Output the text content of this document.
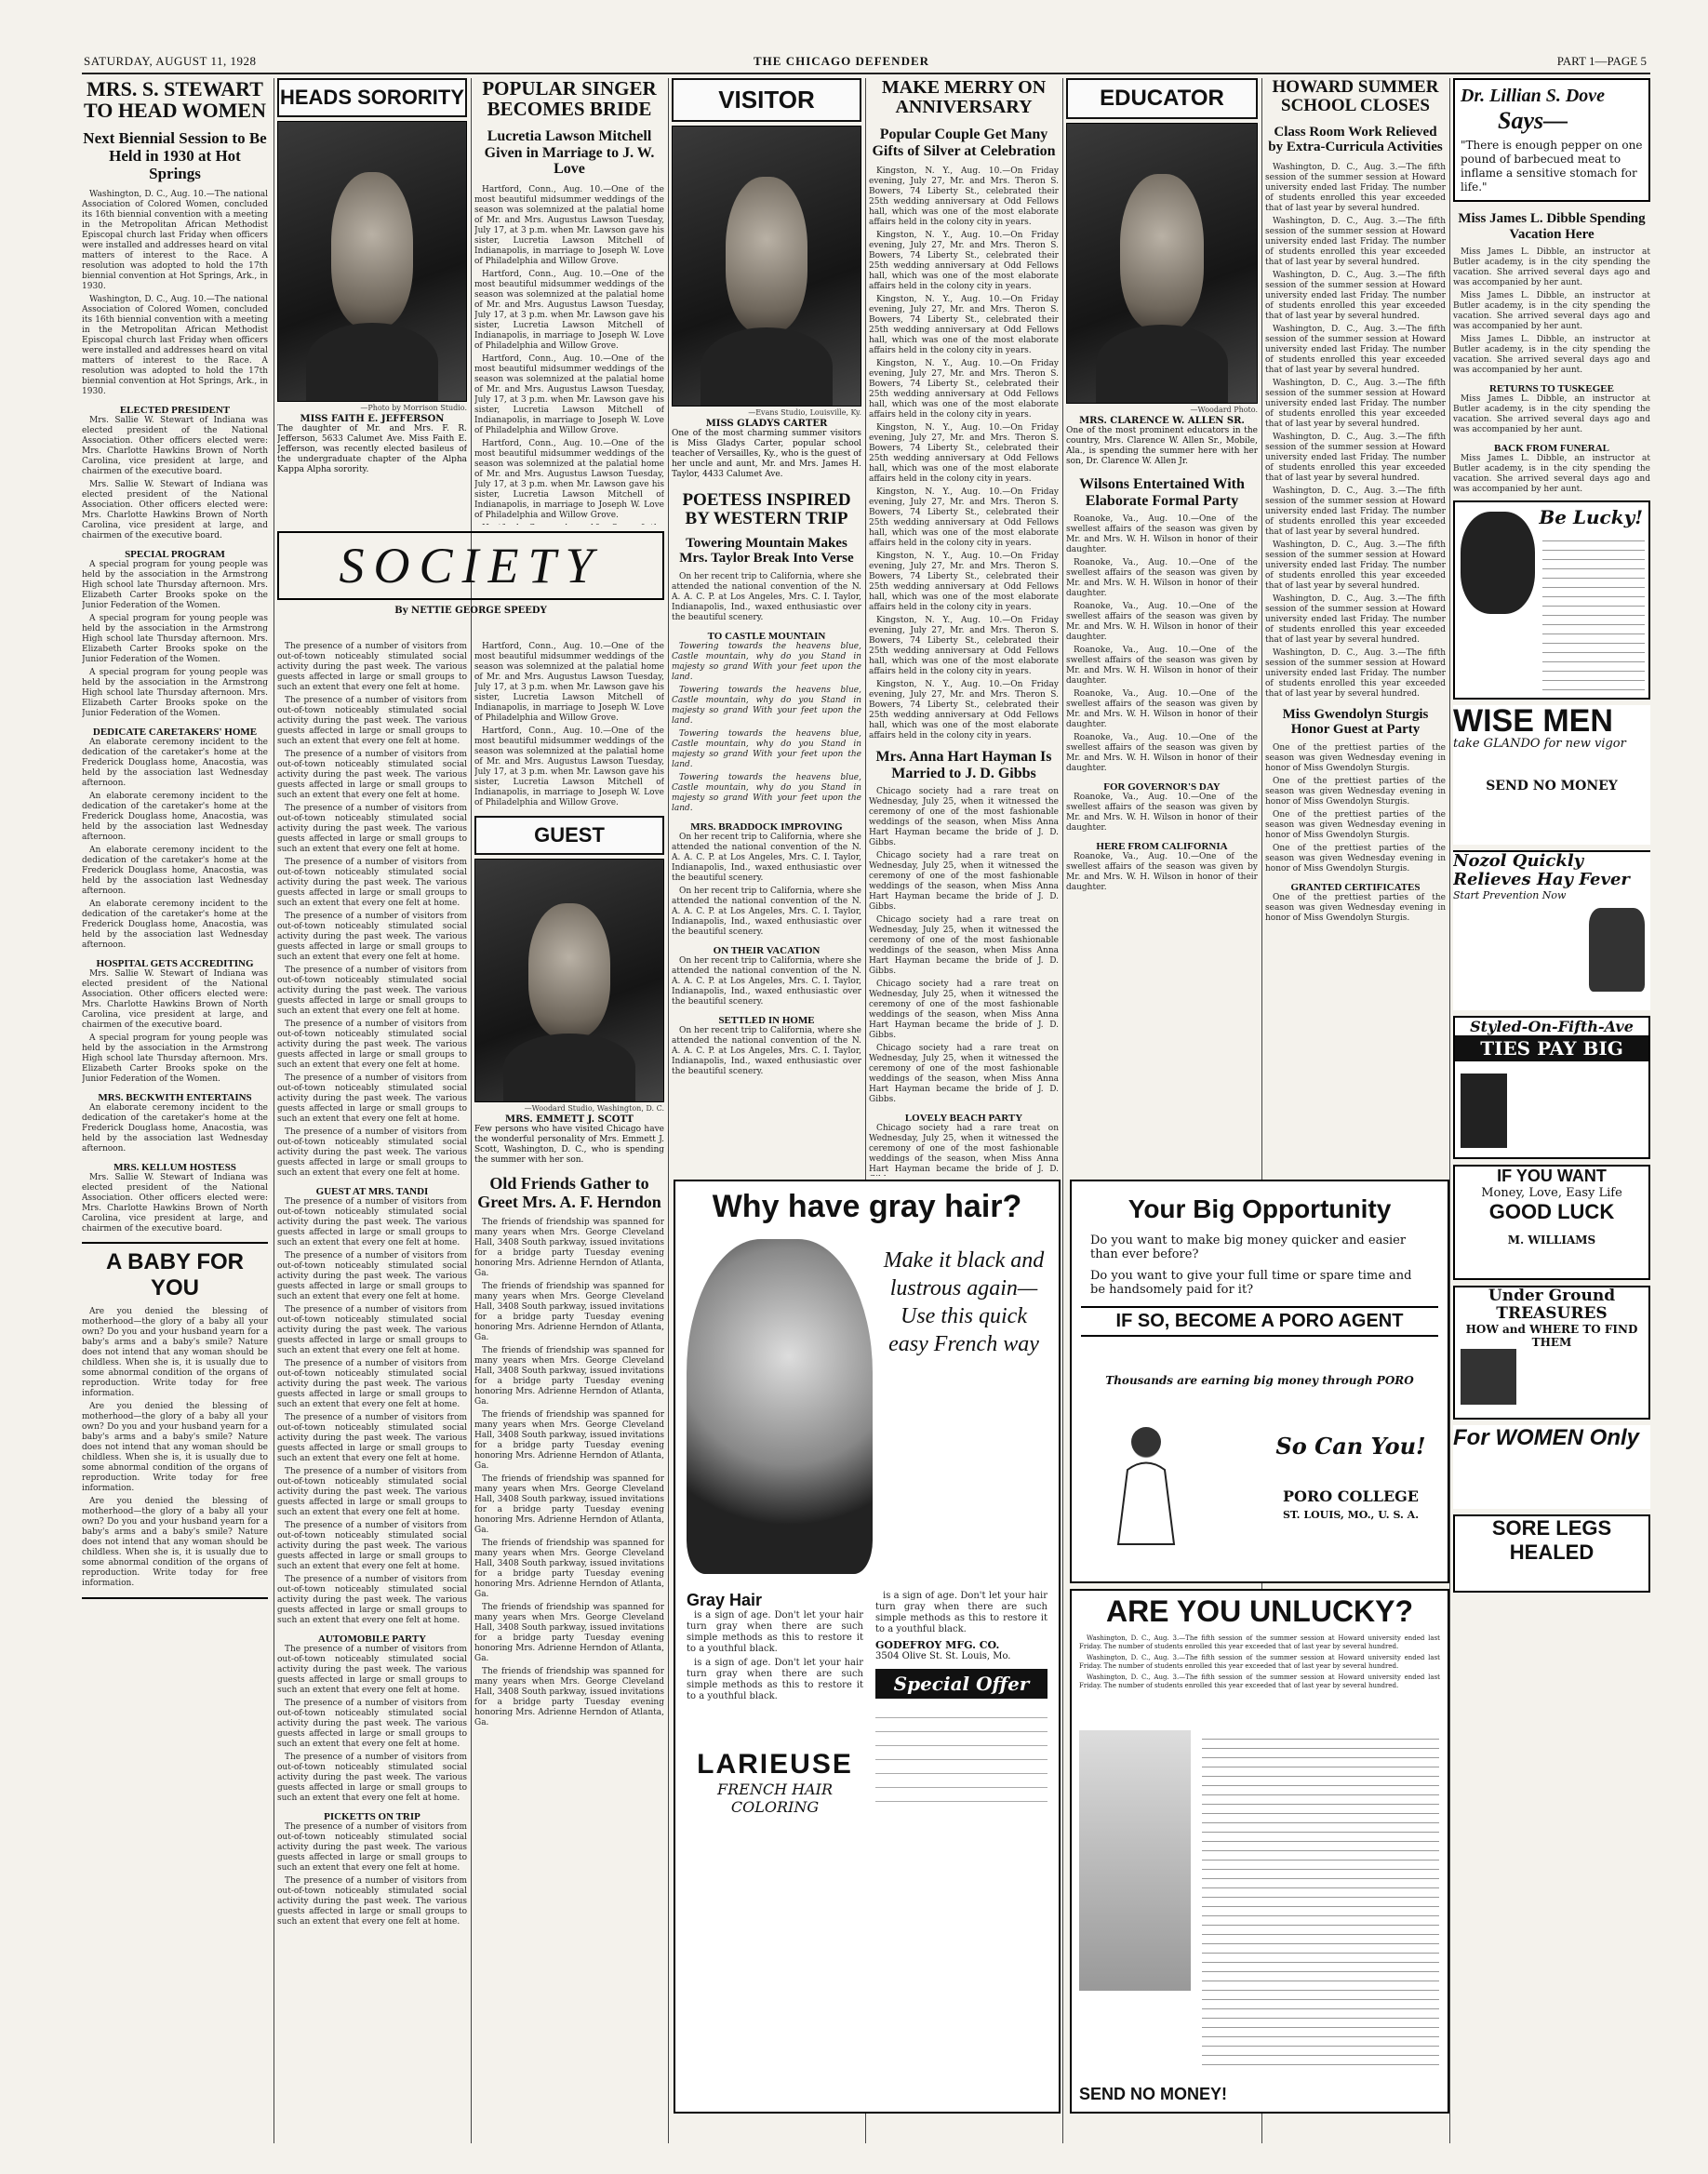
SATURDAY, AUGUST 11, 1928	THE CHICAGO DEFENDER	PART 1—PAGE 5
MRS. S. STEWART TO HEAD WOMEN
Next Biennial Session to Be Held in 1930 at Hot Springs

Washington, D. C., Aug. 10.—The national Association of Colored Women, concluded its 16th biennial convention with a meeting in the Metropolitan African Methodist Episcopal church last Friday when officers were installed and addresses heard on vital matters of interest to the Race. A resolution was adopted to hold the 17th biennial convention at Hot Springs, Ark., in 1930.

Washington, D. C., Aug. 10.—The national Association of Colored Women, concluded its 16th biennial convention with a meeting in the Metropolitan African Methodist Episcopal church last Friday when officers were installed and addresses heard on vital matters of interest to the Race. A resolution was adopted to hold the 17th biennial convention at Hot Springs, Ark., in 1930.

ELECTED PRESIDENT

Mrs. Sallie W. Stewart of Indiana was elected president of the National Association. Other officers elected were: Mrs. Charlotte Hawkins Brown of North Carolina, vice president at large, and chairmen of the executive board.

Mrs. Sallie W. Stewart of Indiana was elected president of the National Association. Other officers elected were: Mrs. Charlotte Hawkins Brown of North Carolina, vice president at large, and chairmen of the executive board.

SPECIAL PROGRAM

A special program for young people was held by the association in the Armstrong High school late Thursday afternoon. Mrs. Elizabeth Carter Brooks spoke on the Junior Federation of the Women.

A special program for young people was held by the association in the Armstrong High school late Thursday afternoon. Mrs. Elizabeth Carter Brooks spoke on the Junior Federation of the Women.

A special program for young people was held by the association in the Armstrong High school late Thursday afternoon. Mrs. Elizabeth Carter Brooks spoke on the Junior Federation of the Women.

DEDICATE CARETAKERS' HOME

An elaborate ceremony incident to the dedication of the caretaker's home at the Frederick Douglass home, Anacostia, was held by the association last Wednesday afternoon.

An elaborate ceremony incident to the dedication of the caretaker's home at the Frederick Douglass home, Anacostia, was held by the association last Wednesday afternoon.

An elaborate ceremony incident to the dedication of the caretaker's home at the Frederick Douglass home, Anacostia, was held by the association last Wednesday afternoon.

An elaborate ceremony incident to the dedication of the caretaker's home at the Frederick Douglass home, Anacostia, was held by the association last Wednesday afternoon.

HOSPITAL GETS ACCREDITING

Mrs. Sallie W. Stewart of Indiana was elected president of the National Association. Other officers elected were: Mrs. Charlotte Hawkins Brown of North Carolina, vice president at large, and chairmen of the executive board.

A special program for young people was held by the association in the Armstrong High school late Thursday afternoon. Mrs. Elizabeth Carter Brooks spoke on the Junior Federation of the Women.

MRS. BECKWITH ENTERTAINS

An elaborate ceremony incident to the dedication of the caretaker's home at the Frederick Douglass home, Anacostia, was held by the association last Wednesday afternoon.

MRS. KELLUM HOSTESS

Mrs. Sallie W. Stewart of Indiana was elected president of the National Association. Other officers elected were: Mrs. Charlotte Hawkins Brown of North Carolina, vice president at large, and chairmen of the executive board.

A BABY FOR YOU

Are you denied the blessing of motherhood—the glory of a baby all your own? Do you and your husband yearn for a baby's arms and a baby's smile? Nature does not intend that any woman should be childless. When she is, it is usually due to some abnormal condition of the organs of reproduction. Write today for free information.

Are you denied the blessing of motherhood—the glory of a baby all your own? Do you and your husband yearn for a baby's arms and a baby's smile? Nature does not intend that any woman should be childless. When she is, it is usually due to some abnormal condition of the organs of reproduction. Write today for free information.

Are you denied the blessing of motherhood—the glory of a baby all your own? Do you and your husband yearn for a baby's arms and a baby's smile? Nature does not intend that any woman should be childless. When she is, it is usually due to some abnormal condition of the organs of reproduction. Write today for free information.

HEADS SORORITY
—Photo by Morrison Studio.
MISS FAITH E. JEFFERSON
The daughter of Mr. and Mrs. F. R. Jefferson, 5633 Calumet Ave. Miss Faith E. Jefferson, was recently elected basileus of the undergraduate chapter of the Alpha Kappa Alpha sorority.
SOCIETY
By NETTIE GEORGE SPEEDY

The presence of a number of visitors from out-of-town noticeably stimulated social activity during the past week. The various guests affected in large or small groups to such an extent that every one felt at home.

The presence of a number of visitors from out-of-town noticeably stimulated social activity during the past week. The various guests affected in large or small groups to such an extent that every one felt at home.

The presence of a number of visitors from out-of-town noticeably stimulated social activity during the past week. The various guests affected in large or small groups to such an extent that every one felt at home.

The presence of a number of visitors from out-of-town noticeably stimulated social activity during the past week. The various guests affected in large or small groups to such an extent that every one felt at home.

The presence of a number of visitors from out-of-town noticeably stimulated social activity during the past week. The various guests affected in large or small groups to such an extent that every one felt at home.

The presence of a number of visitors from out-of-town noticeably stimulated social activity during the past week. The various guests affected in large or small groups to such an extent that every one felt at home.

The presence of a number of visitors from out-of-town noticeably stimulated social activity during the past week. The various guests affected in large or small groups to such an extent that every one felt at home.

The presence of a number of visitors from out-of-town noticeably stimulated social activity during the past week. The various guests affected in large or small groups to such an extent that every one felt at home.

The presence of a number of visitors from out-of-town noticeably stimulated social activity during the past week. The various guests affected in large or small groups to such an extent that every one felt at home.

The presence of a number of visitors from out-of-town noticeably stimulated social activity during the past week. The various guests affected in large or small groups to such an extent that every one felt at home.

GUEST AT MRS. TANDI

The presence of a number of visitors from out-of-town noticeably stimulated social activity during the past week. The various guests affected in large or small groups to such an extent that every one felt at home.

The presence of a number of visitors from out-of-town noticeably stimulated social activity during the past week. The various guests affected in large or small groups to such an extent that every one felt at home.

The presence of a number of visitors from out-of-town noticeably stimulated social activity during the past week. The various guests affected in large or small groups to such an extent that every one felt at home.

The presence of a number of visitors from out-of-town noticeably stimulated social activity during the past week. The various guests affected in large or small groups to such an extent that every one felt at home.

The presence of a number of visitors from out-of-town noticeably stimulated social activity during the past week. The various guests affected in large or small groups to such an extent that every one felt at home.

The presence of a number of visitors from out-of-town noticeably stimulated social activity during the past week. The various guests affected in large or small groups to such an extent that every one felt at home.

The presence of a number of visitors from out-of-town noticeably stimulated social activity during the past week. The various guests affected in large or small groups to such an extent that every one felt at home.

The presence of a number of visitors from out-of-town noticeably stimulated social activity during the past week. The various guests affected in large or small groups to such an extent that every one felt at home.

AUTOMOBILE PARTY

The presence of a number of visitors from out-of-town noticeably stimulated social activity during the past week. The various guests affected in large or small groups to such an extent that every one felt at home.

The presence of a number of visitors from out-of-town noticeably stimulated social activity during the past week. The various guests affected in large or small groups to such an extent that every one felt at home.

The presence of a number of visitors from out-of-town noticeably stimulated social activity during the past week. The various guests affected in large or small groups to such an extent that every one felt at home.

PICKETTS ON TRIP

The presence of a number of visitors from out-of-town noticeably stimulated social activity during the past week. The various guests affected in large or small groups to such an extent that every one felt at home.

The presence of a number of visitors from out-of-town noticeably stimulated social activity during the past week. The various guests affected in large or small groups to such an extent that every one felt at home.

POPULAR SINGER BECOMES BRIDE
Lucretia Lawson Mitchell Given in Marriage to J. W. Love

Hartford, Conn., Aug. 10.—One of the most beautiful midsummer weddings of the season was solemnized at the palatial home of Mr. and Mrs. Augustus Lawson Tuesday, July 17, at 3 p.m. when Mr. Lawson gave his sister, Lucretia Lawson Mitchell of Indianapolis, in marriage to Joseph W. Love of Philadelphia and Willow Grove.

Hartford, Conn., Aug. 10.—One of the most beautiful midsummer weddings of the season was solemnized at the palatial home of Mr. and Mrs. Augustus Lawson Tuesday, July 17, at 3 p.m. when Mr. Lawson gave his sister, Lucretia Lawson Mitchell of Indianapolis, in marriage to Joseph W. Love of Philadelphia and Willow Grove.

Hartford, Conn., Aug. 10.—One of the most beautiful midsummer weddings of the season was solemnized at the palatial home of Mr. and Mrs. Augustus Lawson Tuesday, July 17, at 3 p.m. when Mr. Lawson gave his sister, Lucretia Lawson Mitchell of Indianapolis, in marriage to Joseph W. Love of Philadelphia and Willow Grove.

Hartford, Conn., Aug. 10.—One of the most beautiful midsummer weddings of the season was solemnized at the palatial home of Mr. and Mrs. Augustus Lawson Tuesday, July 17, at 3 p.m. when Mr. Lawson gave his sister, Lucretia Lawson Mitchell of Indianapolis, in marriage to Joseph W. Love of Philadelphia and Willow Grove.

Hartford, Conn., Aug. 10.—One of the most beautiful midsummer weddings of the season was solemnized at the palatial home of Mr. and Mrs. Augustus Lawson Tuesday, July 17, at 3 p.m. when Mr. Lawson gave his sister, Lucretia Lawson Mitchell of Indianapolis, in marriage to Joseph W. Love of Philadelphia and Willow Grove.

Hartford, Conn., Aug. 10.—One of the most beautiful midsummer weddings of the season was solemnized at the palatial home of Mr. and Mrs. Augustus Lawson Tuesday, July 17, at 3 p.m. when Mr. Lawson gave his sister, Lucretia Lawson Mitchell of Indianapolis, in marriage to Joseph W. Love of Philadelphia and Willow Grove.

GUEST
—Woodard Studio, Washington, D. C.
MRS. EMMETT J. SCOTT
Few persons who have visited Chicago have the wonderful personality of Mrs. Emmett J. Scott, Washington, D. C., who is spending the summer with her son.
Old Friends Gather to Greet Mrs. A. F. Herndon

The friends of friendship was spanned for many years when Mrs. George Cleveland Hall, 3408 South parkway, issued invitations for a bridge party Tuesday evening honoring Mrs. Adrienne Herndon of Atlanta, Ga.

The friends of friendship was spanned for many years when Mrs. George Cleveland Hall, 3408 South parkway, issued invitations for a bridge party Tuesday evening honoring Mrs. Adrienne Herndon of Atlanta, Ga.

The friends of friendship was spanned for many years when Mrs. George Cleveland Hall, 3408 South parkway, issued invitations for a bridge party Tuesday evening honoring Mrs. Adrienne Herndon of Atlanta, Ga.

The friends of friendship was spanned for many years when Mrs. George Cleveland Hall, 3408 South parkway, issued invitations for a bridge party Tuesday evening honoring Mrs. Adrienne Herndon of Atlanta, Ga.

The friends of friendship was spanned for many years when Mrs. George Cleveland Hall, 3408 South parkway, issued invitations for a bridge party Tuesday evening honoring Mrs. Adrienne Herndon of Atlanta, Ga.

The friends of friendship was spanned for many years when Mrs. George Cleveland Hall, 3408 South parkway, issued invitations for a bridge party Tuesday evening honoring Mrs. Adrienne Herndon of Atlanta, Ga.

The friends of friendship was spanned for many years when Mrs. George Cleveland Hall, 3408 South parkway, issued invitations for a bridge party Tuesday evening honoring Mrs. Adrienne Herndon of Atlanta, Ga.

The friends of friendship was spanned for many years when Mrs. George Cleveland Hall, 3408 South parkway, issued invitations for a bridge party Tuesday evening honoring Mrs. Adrienne Herndon of Atlanta, Ga.

VISITOR
—Evans Studio, Louisville, Ky.
MISS GLADYS CARTER
One of the most charming summer visitors is Miss Gladys Carter, popular school teacher of Versailles, Ky., who is the guest of her uncle and aunt, Mr. and Mrs. James H. Taylor, 4433 Calumet Ave.
POETESS INSPIRED BY WESTERN TRIP
Towering Mountain Makes Mrs. Taylor Break Into Verse

On her recent trip to California, where she attended the national convention of the N. A. A. C. P. at Los Angeles, Mrs. C. I. Taylor, Indianapolis, Ind., waxed enthusiastic over the beautiful scenery.

TO CASTLE MOUNTAIN

Towering towards the heavens blue, Castle mountain, why do you Stand in majesty so grand With your feet upon the land.

Towering towards the heavens blue, Castle mountain, why do you Stand in majesty so grand With your feet upon the land.

Towering towards the heavens blue, Castle mountain, why do you Stand in majesty so grand With your feet upon the land.

Towering towards the heavens blue, Castle mountain, why do you Stand in majesty so grand With your feet upon the land.

MRS. BRADDOCK IMPROVING

On her recent trip to California, where she attended the national convention of the N. A. A. C. P. at Los Angeles, Mrs. C. I. Taylor, Indianapolis, Ind., waxed enthusiastic over the beautiful scenery.

On her recent trip to California, where she attended the national convention of the N. A. A. C. P. at Los Angeles, Mrs. C. I. Taylor, Indianapolis, Ind., waxed enthusiastic over the beautiful scenery.

ON THEIR VACATION

On her recent trip to California, where she attended the national convention of the N. A. A. C. P. at Los Angeles, Mrs. C. I. Taylor, Indianapolis, Ind., waxed enthusiastic over the beautiful scenery.

SETTLED IN HOME

On her recent trip to California, where she attended the national convention of the N. A. A. C. P. at Los Angeles, Mrs. C. I. Taylor, Indianapolis, Ind., waxed enthusiastic over the beautiful scenery.

MAKE MERRY ON ANNIVERSARY
Popular Couple Get Many Gifts of Silver at Celebration

Kingston, N. Y., Aug. 10.—On Friday evening, July 27, Mr. and Mrs. Theron S. Bowers, 74 Liberty St., celebrated their 25th wedding anniversary at Odd Fellows hall, which was one of the most elaborate affairs held in the colony city in years.

Kingston, N. Y., Aug. 10.—On Friday evening, July 27, Mr. and Mrs. Theron S. Bowers, 74 Liberty St., celebrated their 25th wedding anniversary at Odd Fellows hall, which was one of the most elaborate affairs held in the colony city in years.

Kingston, N. Y., Aug. 10.—On Friday evening, July 27, Mr. and Mrs. Theron S. Bowers, 74 Liberty St., celebrated their 25th wedding anniversary at Odd Fellows hall, which was one of the most elaborate affairs held in the colony city in years.

Kingston, N. Y., Aug. 10.—On Friday evening, July 27, Mr. and Mrs. Theron S. Bowers, 74 Liberty St., celebrated their 25th wedding anniversary at Odd Fellows hall, which was one of the most elaborate affairs held in the colony city in years.

Kingston, N. Y., Aug. 10.—On Friday evening, July 27, Mr. and Mrs. Theron S. Bowers, 74 Liberty St., celebrated their 25th wedding anniversary at Odd Fellows hall, which was one of the most elaborate affairs held in the colony city in years.

Kingston, N. Y., Aug. 10.—On Friday evening, July 27, Mr. and Mrs. Theron S. Bowers, 74 Liberty St., celebrated their 25th wedding anniversary at Odd Fellows hall, which was one of the most elaborate affairs held in the colony city in years.

Kingston, N. Y., Aug. 10.—On Friday evening, July 27, Mr. and Mrs. Theron S. Bowers, 74 Liberty St., celebrated their 25th wedding anniversary at Odd Fellows hall, which was one of the most elaborate affairs held in the colony city in years.

Kingston, N. Y., Aug. 10.—On Friday evening, July 27, Mr. and Mrs. Theron S. Bowers, 74 Liberty St., celebrated their 25th wedding anniversary at Odd Fellows hall, which was one of the most elaborate affairs held in the colony city in years.

Kingston, N. Y., Aug. 10.—On Friday evening, July 27, Mr. and Mrs. Theron S. Bowers, 74 Liberty St., celebrated their 25th wedding anniversary at Odd Fellows hall, which was one of the most elaborate affairs held in the colony city in years.

Mrs. Anna Hart Hayman Is Married to J. D. Gibbs

Chicago society had a rare treat on Wednesday, July 25, when it witnessed the ceremony of one of the most fashionable weddings of the season, when Miss Anna Hart Hayman became the bride of J. D. Gibbs.

Chicago society had a rare treat on Wednesday, July 25, when it witnessed the ceremony of one of the most fashionable weddings of the season, when Miss Anna Hart Hayman became the bride of J. D. Gibbs.

Chicago society had a rare treat on Wednesday, July 25, when it witnessed the ceremony of one of the most fashionable weddings of the season, when Miss Anna Hart Hayman became the bride of J. D. Gibbs.

Chicago society had a rare treat on Wednesday, July 25, when it witnessed the ceremony of one of the most fashionable weddings of the season, when Miss Anna Hart Hayman became the bride of J. D. Gibbs.

Chicago society had a rare treat on Wednesday, July 25, when it witnessed the ceremony of one of the most fashionable weddings of the season, when Miss Anna Hart Hayman became the bride of J. D. Gibbs.

LOVELY BEACH PARTY

Chicago society had a rare treat on Wednesday, July 25, when it witnessed the ceremony of one of the most fashionable weddings of the season, when Miss Anna Hart Hayman became the bride of J. D.

Why have gray hair?
Make it black and lustrous again—Use this quick easy French way
Gray Hair

is a sign of age. Don't let your hair turn gray when there are such simple methods as this to restore it to a youthful black.

is a sign of age. Don't let your hair turn gray when there are such simple methods as this to restore it to a youthful black.

is a sign of age. Don't let your hair turn gray when there are such simple methods as this to restore it to a youthful black.

GODEFROY MFG. CO.
3504 Olive St. St. Louis, Mo.
Special Offer
LARIEUSE
FRENCH HAIR COLORING
EDUCATOR
—Woodard Photo.
MRS. CLARENCE W. ALLEN SR.
One of the most prominent educators in the country, Mrs. Clarence W. Allen Sr., Mobile, Ala., is spending the summer here with her son, Dr. Clarence W. Allen Jr.
Wilsons Entertained With Elaborate Formal Party

Roanoke, Va., Aug. 10.—One of the swellest affairs of the season was given by Mr. and Mrs. W. H. Wilson in honor of their daughter.

Roanoke, Va., Aug. 10.—One of the swellest affairs of the season was given by Mr. and Mrs. W. H. Wilson in honor of their daughter.

Roanoke, Va., Aug. 10.—One of the swellest affairs of the season was given by Mr. and Mrs. W. H. Wilson in honor of their daughter.

Roanoke, Va., Aug. 10.—One of the swellest affairs of the season was given by Mr. and Mrs. W. H. Wilson in honor of their daughter.

Roanoke, Va., Aug. 10.—One of the swellest affairs of the season was given by Mr. and Mrs. W. H. Wilson in honor of their daughter.

Roanoke, Va., Aug. 10.—One of the swellest affairs of the season was given by Mr. and Mrs. W. H. Wilson in honor of their daughter.

FOR GOVERNOR'S DAY

Roanoke, Va., Aug. 10.—One of the swellest affairs of the season was given by Mr. and Mrs. W. H. Wilson in honor of their daughter.

HERE FROM CALIFORNIA

Roanoke, Va., Aug. 10.—One of the swellest affairs of the season was given by Mr. and Mrs. W. H. Wilson in honor of their daughter.

HOWARD SUMMER SCHOOL CLOSES
Class Room Work Relieved by Extra-Curricula Activities

Washington, D. C., Aug. 3.—The fifth session of the summer session at Howard university ended last Friday. The number of students enrolled this year exceeded that of last year by several hundred.

Washington, D. C., Aug. 3.—The fifth session of the summer session at Howard university ended last Friday. The number of students enrolled this year exceeded that of last year by several hundred.

Washington, D. C., Aug. 3.—The fifth session of the summer session at Howard university ended last Friday. The number of students enrolled this year exceeded that of last year by several hundred.

Washington, D. C., Aug. 3.—The fifth session of the summer session at Howard university ended last Friday. The number of students enrolled this year exceeded that of last year by several hundred.

Washington, D. C., Aug. 3.—The fifth session of the summer session at Howard university ended last Friday. The number of students enrolled this year exceeded that of last year by several hundred.

Washington, D. C., Aug. 3.—The fifth session of the summer session at Howard university ended last Friday. The number of students enrolled this year exceeded that of last year by several hundred.

Washington, D. C., Aug. 3.—The fifth session of the summer session at Howard university ended last Friday. The number of students enrolled this year exceeded that of last year by several hundred.

Washington, D. C., Aug. 3.—The fifth session of the summer session at Howard university ended last Friday. The number of students enrolled this year exceeded that of last year by several hundred.

Washington, D. C., Aug. 3.—The fifth session of the summer session at Howard university ended last Friday. The number of students enrolled this year exceeded that of last year by several hundred.

Washington, D. C., Aug. 3.—The fifth session of the summer session at Howard university ended last Friday. The number of students enrolled this year exceeded that of last year by several hundred.

Miss Gwendolyn Sturgis Honor Guest at Party

One of the prettiest parties of the season was given Wednesday evening in honor of Miss Gwendolyn Sturgis.

One of the prettiest parties of the season was given Wednesday evening in honor of Miss Gwendolyn Sturgis.

One of the prettiest parties of the season was given Wednesday evening in honor of Miss Gwendolyn Sturgis.

One of the prettiest parties of the season was given Wednesday evening in honor of Miss Gwendolyn Sturgis.

GRANTED CERTIFICATES

One of the prettiest parties of the season was given Wednesday evening in honor of Miss Gwendolyn Sturgis.

Your Big Opportunity
Do you want to make big money quicker and easier than ever before?
Do you want to give your full time or spare time and be handsomely paid for it?
IF SO, BECOME A PORO AGENT
Thousands are earning big money through PORO
So Can You!
PORO COLLEGE
ST. LOUIS, MO., U. S. A.
ARE YOU UNLUCKY?

Washington, D. C., Aug. 3.—The fifth session of the summer session at Howard university ended last Friday. The number of students enrolled this year exceeded that of last year by several hundred.

Washington, D. C., Aug. 3.—The fifth session of the summer session at Howard university ended last Friday. The number of students enrolled this year exceeded that of last year by several hundred.

Washington, D. C., Aug. 3.—The fifth session of the summer session at Howard university ended last Friday. The number of students enrolled this year exceeded that of last year by several hundred.

SEND NO MONEY!
Dr. Lillian S. Dove
Says—
"There is enough pepper on one pound of barbecued meat to inflame a sensitive stomach for life."
Miss James L. Dibble Spending Vacation Here

Miss James L. Dibble, an instructor at Butler academy, is in the city spending the vacation. She arrived several days ago and was accompanied by her aunt.

Miss James L. Dibble, an instructor at Butler academy, is in the city spending the vacation. She arrived several days ago and was accompanied by her aunt.

Miss James L. Dibble, an instructor at Butler academy, is in the city spending the vacation. She arrived several days ago and was accompanied by her aunt.

RETURNS TO TUSKEGEE

Miss James L. Dibble, an instructor at Butler academy, is in the city spending the vacation. She arrived several days ago and was accompanied by her aunt.

BACK FROM FUNERAL

Miss James L. Dibble, an instructor at Butler academy, is in the city spending the vacation. She arrived several days ago and was accompanied by her aunt.

Be Lucky!
WISE MEN
take GLANDO for new vigor
SEND NO MONEY
Nozol Quickly Relieves Hay Fever
Start Prevention Now
Styled-On-Fifth-Ave
TIES PAY BIG
IF YOU WANT
Money, Love, Easy Life
GOOD LUCK
M. WILLIAMS
Under Ground TREASURES
HOW and WHERE TO FIND THEM
For WOMEN Only
SORE LEGS HEALED
